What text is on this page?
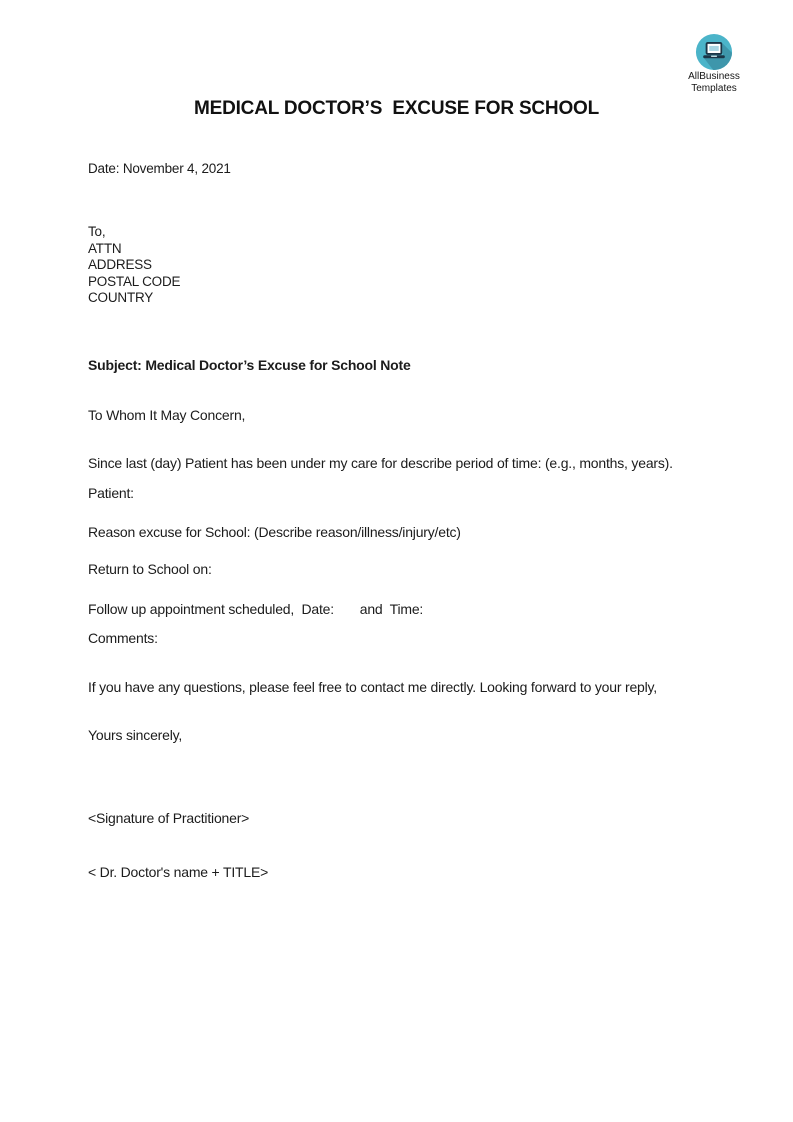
AllBusiness
Templates
MEDICAL DOCTOR’S  EXCUSE FOR SCHOOL

Date: November 4, 2021

To,

ATTN

ADDRESS

POSTAL CODE

COUNTRY

Subject: Medical Doctor’s Excuse for School Note

To Whom It May Concern,

Since last (day) Patient has been under my care for describe period of time: (e.g., months, years).

Patient:

Reason excuse for School: (Describe reason/illness/injury/etc)

Return to School on:

Follow up appointment scheduled,  Date:       and  Time:

Comments:

If you have any questions, please feel free to contact me directly. Looking forward to your reply,

Yours sincerely,

<Signature of Practitioner>

< Dr. Doctor's name + TITLE>
